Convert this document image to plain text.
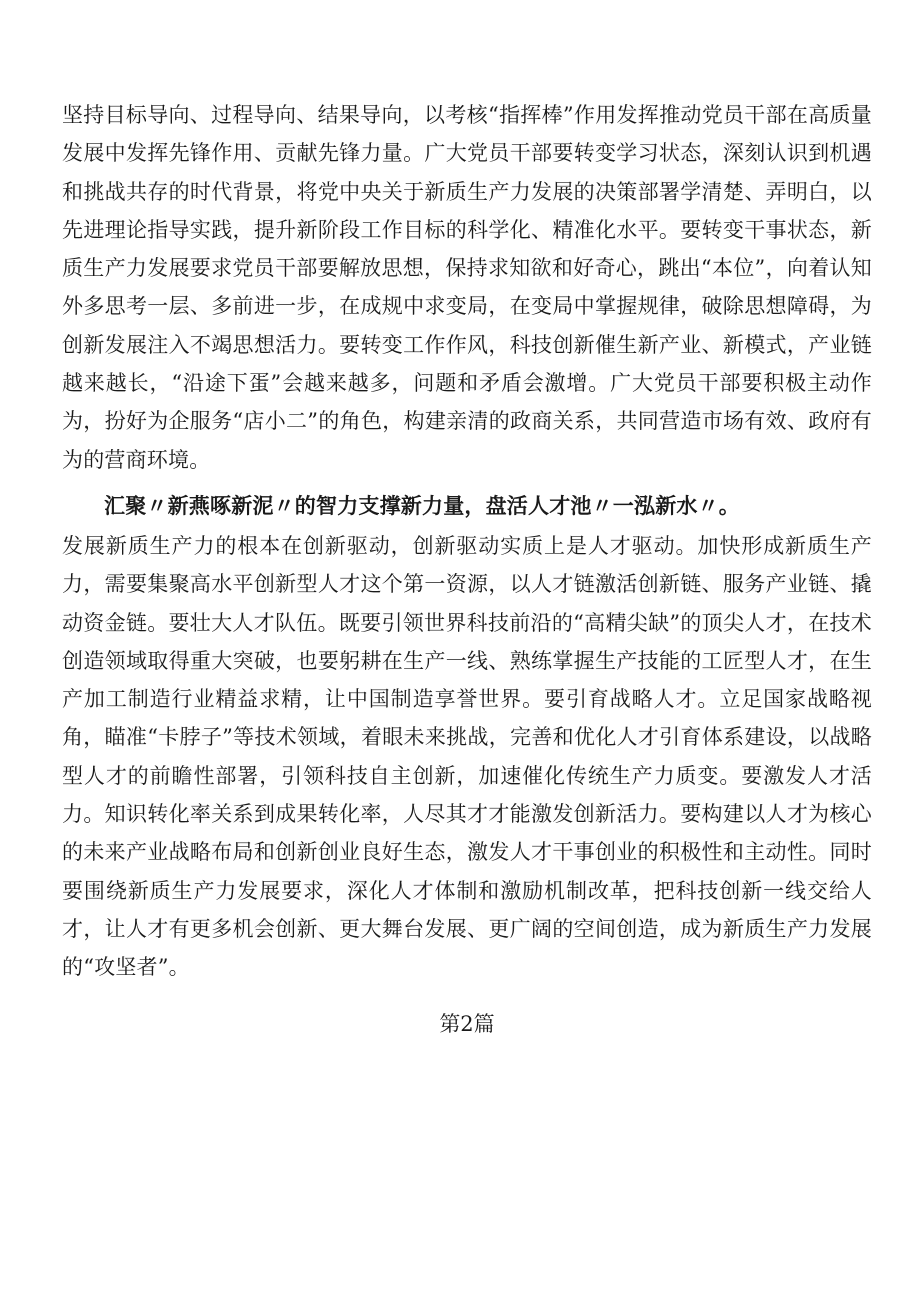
坚持目标导向、过程导向、结果导向，以考核“指挥棒”作用发挥推动党员干部在高质量发展中发挥先锋作用、贡献先锋力量。广大党员干部要转变学习状态，深刻认识到机遇和挑战共存的时代背景，将党中央关于新质生产力发展的决策部署学清楚、弄明白，以先进理论指导实践，提升新阶段工作目标的科学化、精准化水平。要转变干事状态，新质生产力发展要求党员干部要解放思想，保持求知欲和好奇心，跳出“本位”，向着认知外多思考一层、多前进一步，在成规中求变局，在变局中掌握规律，破除思想障碍，为创新发展注入不竭思想活力。要转变工作作风，科技创新催生新产业、新模式，产业链越来越长，“沿途下蛋”会越来越多，问题和矛盾会激增。广大党员干部要积极主动作为，扮好为企服务“店小二”的角色，构建亲清的政商关系，共同营造市场有效、政府有为的营商环境。

汇聚〃新燕啄新泥〃的智力支撑新力量，盘活人才池〃一泓新水〃。

发展新质生产力的根本在创新驱动，创新驱动实质上是人才驱动。加快形成新质生产力，需要集聚高水平创新型人才这个第一资源，以人才链激活创新链、服务产业链、撬动资金链。要壮大人才队伍。既要引领世界科技前沿的“高精尖缺”的顶尖人才，在技术创造领域取得重大突破，也要躬耕在生产一线、熟练掌握生产技能的工匠型人才，在生产加工制造行业精益求精，让中国制造享誉世界。要引育战略人才。立足国家战略视角，瞄准“卡脖子”等技术领域，着眼未来挑战，完善和优化人才引育体系建设，以战略型人才的前瞻性部署，引领科技自主创新，加速催化传统生产力质变。要激发人才活力。知识转化率关系到成果转化率，人尽其才才能激发创新活力。要构建以人才为核心的未来产业战略布局和创新创业良好生态，激发人才干事创业的积极性和主动性。同时要围绕新质生产力发展要求，深化人才体制和激励机制改革，把科技创新一线交给人才，让人才有更多机会创新、更大舞台发展、更广阔的空间创造，成为新质生产力发展的“攻坚者”。

第2篇
